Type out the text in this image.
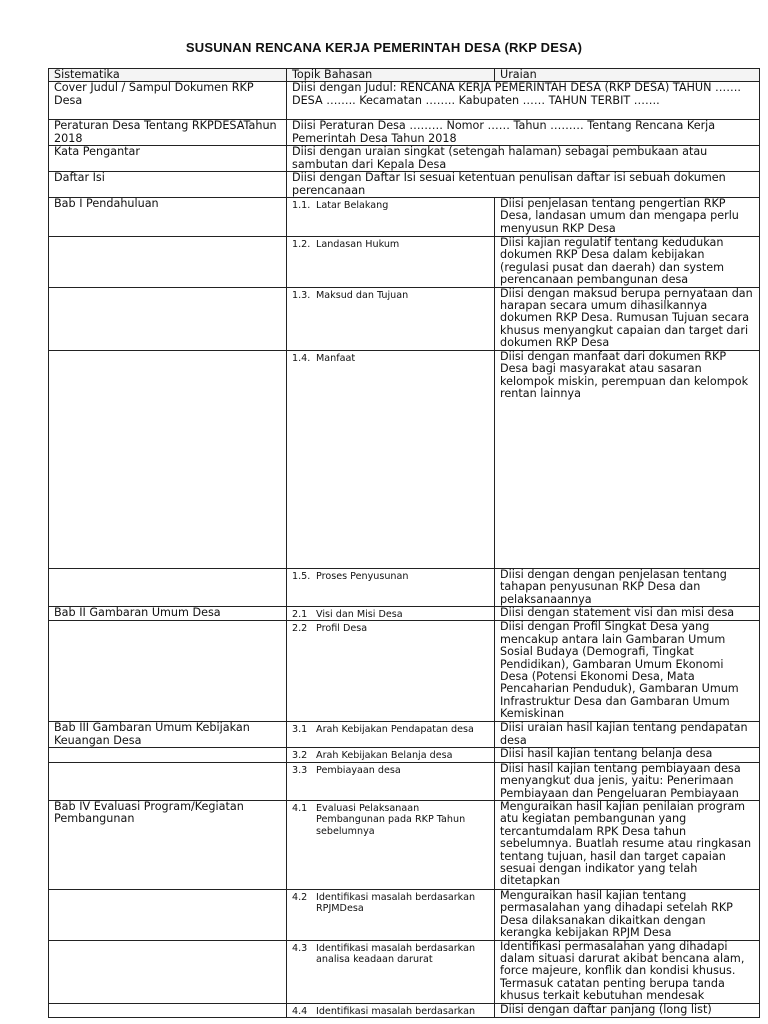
SUSUNAN RENCANA KERJA PEMERINTAH DESA (RKP DESA)
Sistematika	Topik Bahasan	Uraian
Cover Judul / Sampul Dokumen RKP Desa	Diisi dengan Judul: RENCANA KERJA PEMERINTAH DESA (RKP DESA) TAHUN ……. DESA …….. Kecamatan …….. Kabupaten …… TAHUN TERBIT …….	
Peraturan Desa Tentang RKPDESATahun 2018	Diisi Peraturan Desa ……… Nomor …… Tahun ……… Tentang Rencana Kerja Pemerintah Desa Tahun 2018	
Kata Pengantar	Diisi dengan uraian singkat (setengah halaman) sebagai pembukaan atau sambutan dari Kepala Desa	
Daftar Isi	Diisi dengan Daftar Isi sesuai ketentuan penulisan daftar isi sebuah dokumen perencanaan	
Bab I Pendahuluan	1.1. Latar Belakang	Diisi penjelasan tentang pengertian RKP Desa, landasan umum dan mengapa perlu menyusun RKP Desa

	1.2. Landasan Hukum	Diisi kajian regulatif tentang kedudukan dokumen RKP Desa dalam kebijakan (regulasi pusat dan daerah) dan system perencanaan pembangunan desa

	1.3. Maksud dan Tujuan	Diisi dengan maksud berupa pernyataan dan harapan secara umum dihasilkannya dokumen RKP Desa. Rumusan Tujuan secara khusus menyangkut capaian dan target dari dokumen RKP Desa

	1.4. Manfaat	Diisi dengan manfaat dari dokumen RKP Desa bagi masyarakat atau sasaran kelompok miskin, perempuan dan kelompok rentan lainnya

	1.5. Proses Penyusunan	Diisi dengan dengan penjelasan tentang tahapan penyusunan RKP Desa dan pelaksanaannya
Bab II Gambaran Umum Desa	2.1 Visi dan Misi Desa	Diisi dengan statement visi dan misi desa

	2.2 Profil Desa	Diisi dengan Profil Singkat Desa yang mencakup antara lain Gambaran Umum Sosial Budaya (Demografi, Tingkat Pendidikan), Gambaran Umum Ekonomi Desa (Potensi Ekonomi Desa, Mata Pencaharian Penduduk), Gambaran Umum Infrastruktur Desa dan Gambaran Umum Kemiskinan
Bab III Gambaran Umum Kebijakan Keuangan Desa	3.1 Arah Kebijakan Pendapatan desa	Diisi uraian hasil kajian tentang pendapatan desa

	3.2 Arah Kebijakan Belanja desa	Diisi hasil kajian tentang belanja desa

	3.3 Pembiayaan desa	Diisi hasil kajian tentang pembiayaan desa menyangkut dua jenis, yaitu: Penerimaan Pembiayaan dan Pengeluaran Pembiayaan
Bab IV Evaluasi Program/Kegiatan Pembangunan	4.1 Evaluasi Pelaksanaan Pembangunan pada RKP Tahun sebelumnya	Menguraikan hasil kajian penilaian program atu kegiatan pembangunan yang tercantumdalam RPK Desa tahun sebelumnya. Buatlah resume atau ringkasan tentang tujuan, hasil dan target capaian sesuai dengan indikator yang telah ditetapkan

	4.2 Identifikasi masalah berdasarkan RPJMDesa	Menguraikan hasil kajian tentang permasalahan yang dihadapi setelah RKP Desa dilaksanakan dikaitkan dengan kerangka kebijakan RPJM Desa

	4.3 Identifikasi masalah berdasarkan analisa keadaan darurat	Identifikasi permasalahan yang dihadapi dalam situasi darurat akibat bencana alam, force majeure, konflik dan kondisi khusus. Termasuk catatan penting berupa tanda khusus terkait kebutuhan mendesak

	4.4 Identifikasi masalah berdasarkan	Diisi dengan daftar panjang (long list)
